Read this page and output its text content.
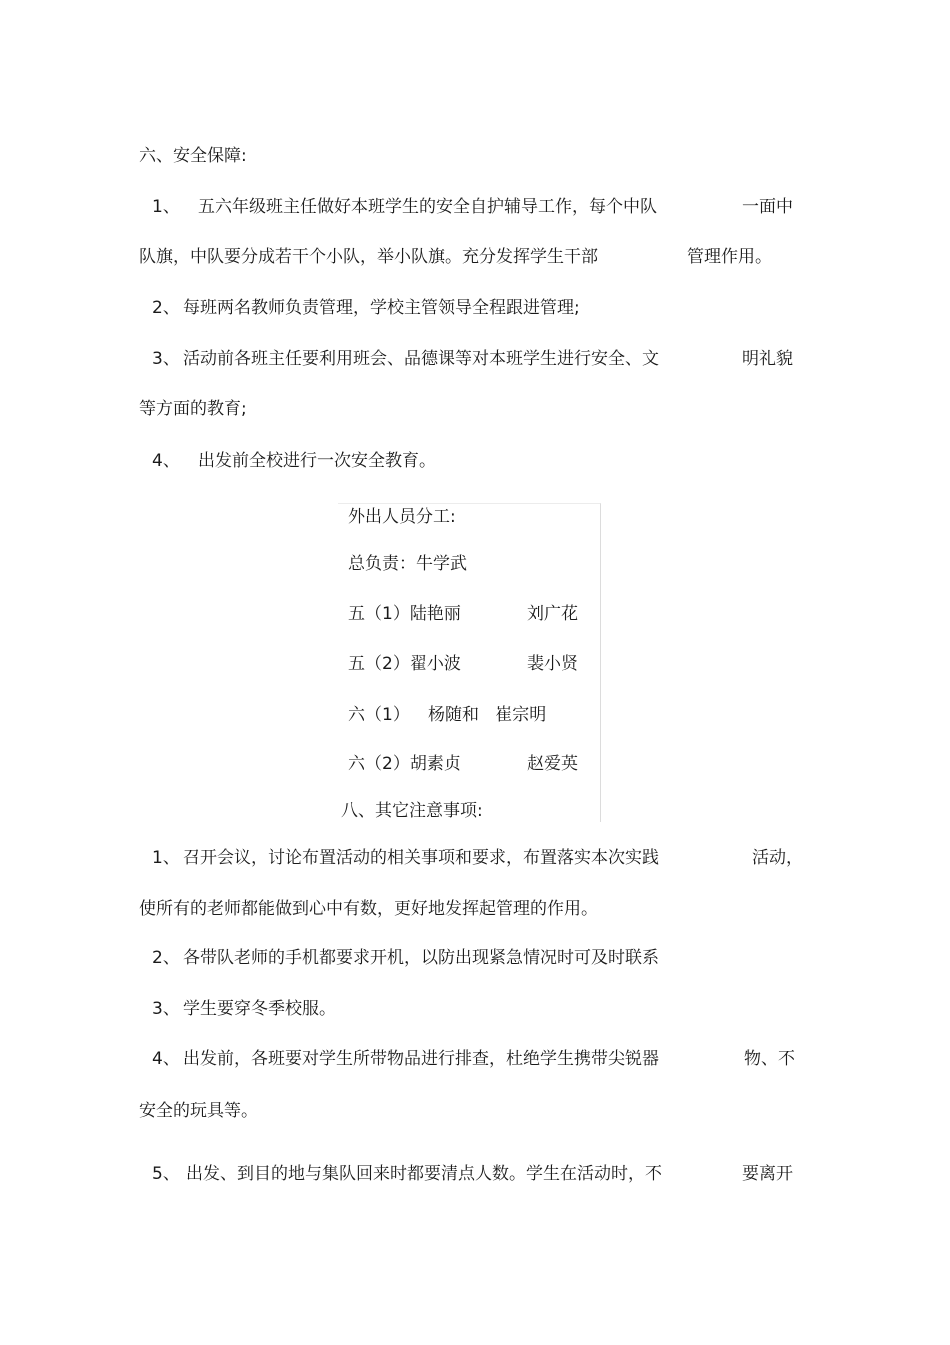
六、安全保障:
1、 五六年级班主任做好本班学生的安全自护辅导工作，每个中队	一面中
队旗，中队要分成若干个小队，举小队旗。充分发挥学生干部	管理作用。
2、 每班两名教师负责管理，学校主管领导全程跟进管理;
3、 活动前各班主任要利用班会、品德课等对本班学生进行安全、文	明礼貌
等方面的教育;
4、 出发前全校进行一次安全教育。
外出人员分工:
总负责：牛学武
五（1）陆艳丽	刘广花
五（2）翟小波	裴小贤
六（1） 杨随和   崔宗明
六（2）胡素贞	赵爱英
八、其它注意事项:
1、 召开会议，讨论布置活动的相关事项和要求，布置落实本次实践	活动，
使所有的老师都能做到心中有数，更好地发挥起管理的作用。
2、 各带队老师的手机都要求开机，以防出现紧急情况时可及时联系
3、 学生要穿冬季校服。
4、 出发前，各班要对学生所带物品进行排查，杜绝学生携带尖锐器	物、不
安全的玩具等。
5、 出发、到目的地与集队回来时都要清点人数。学生在活动时，不	要离开
